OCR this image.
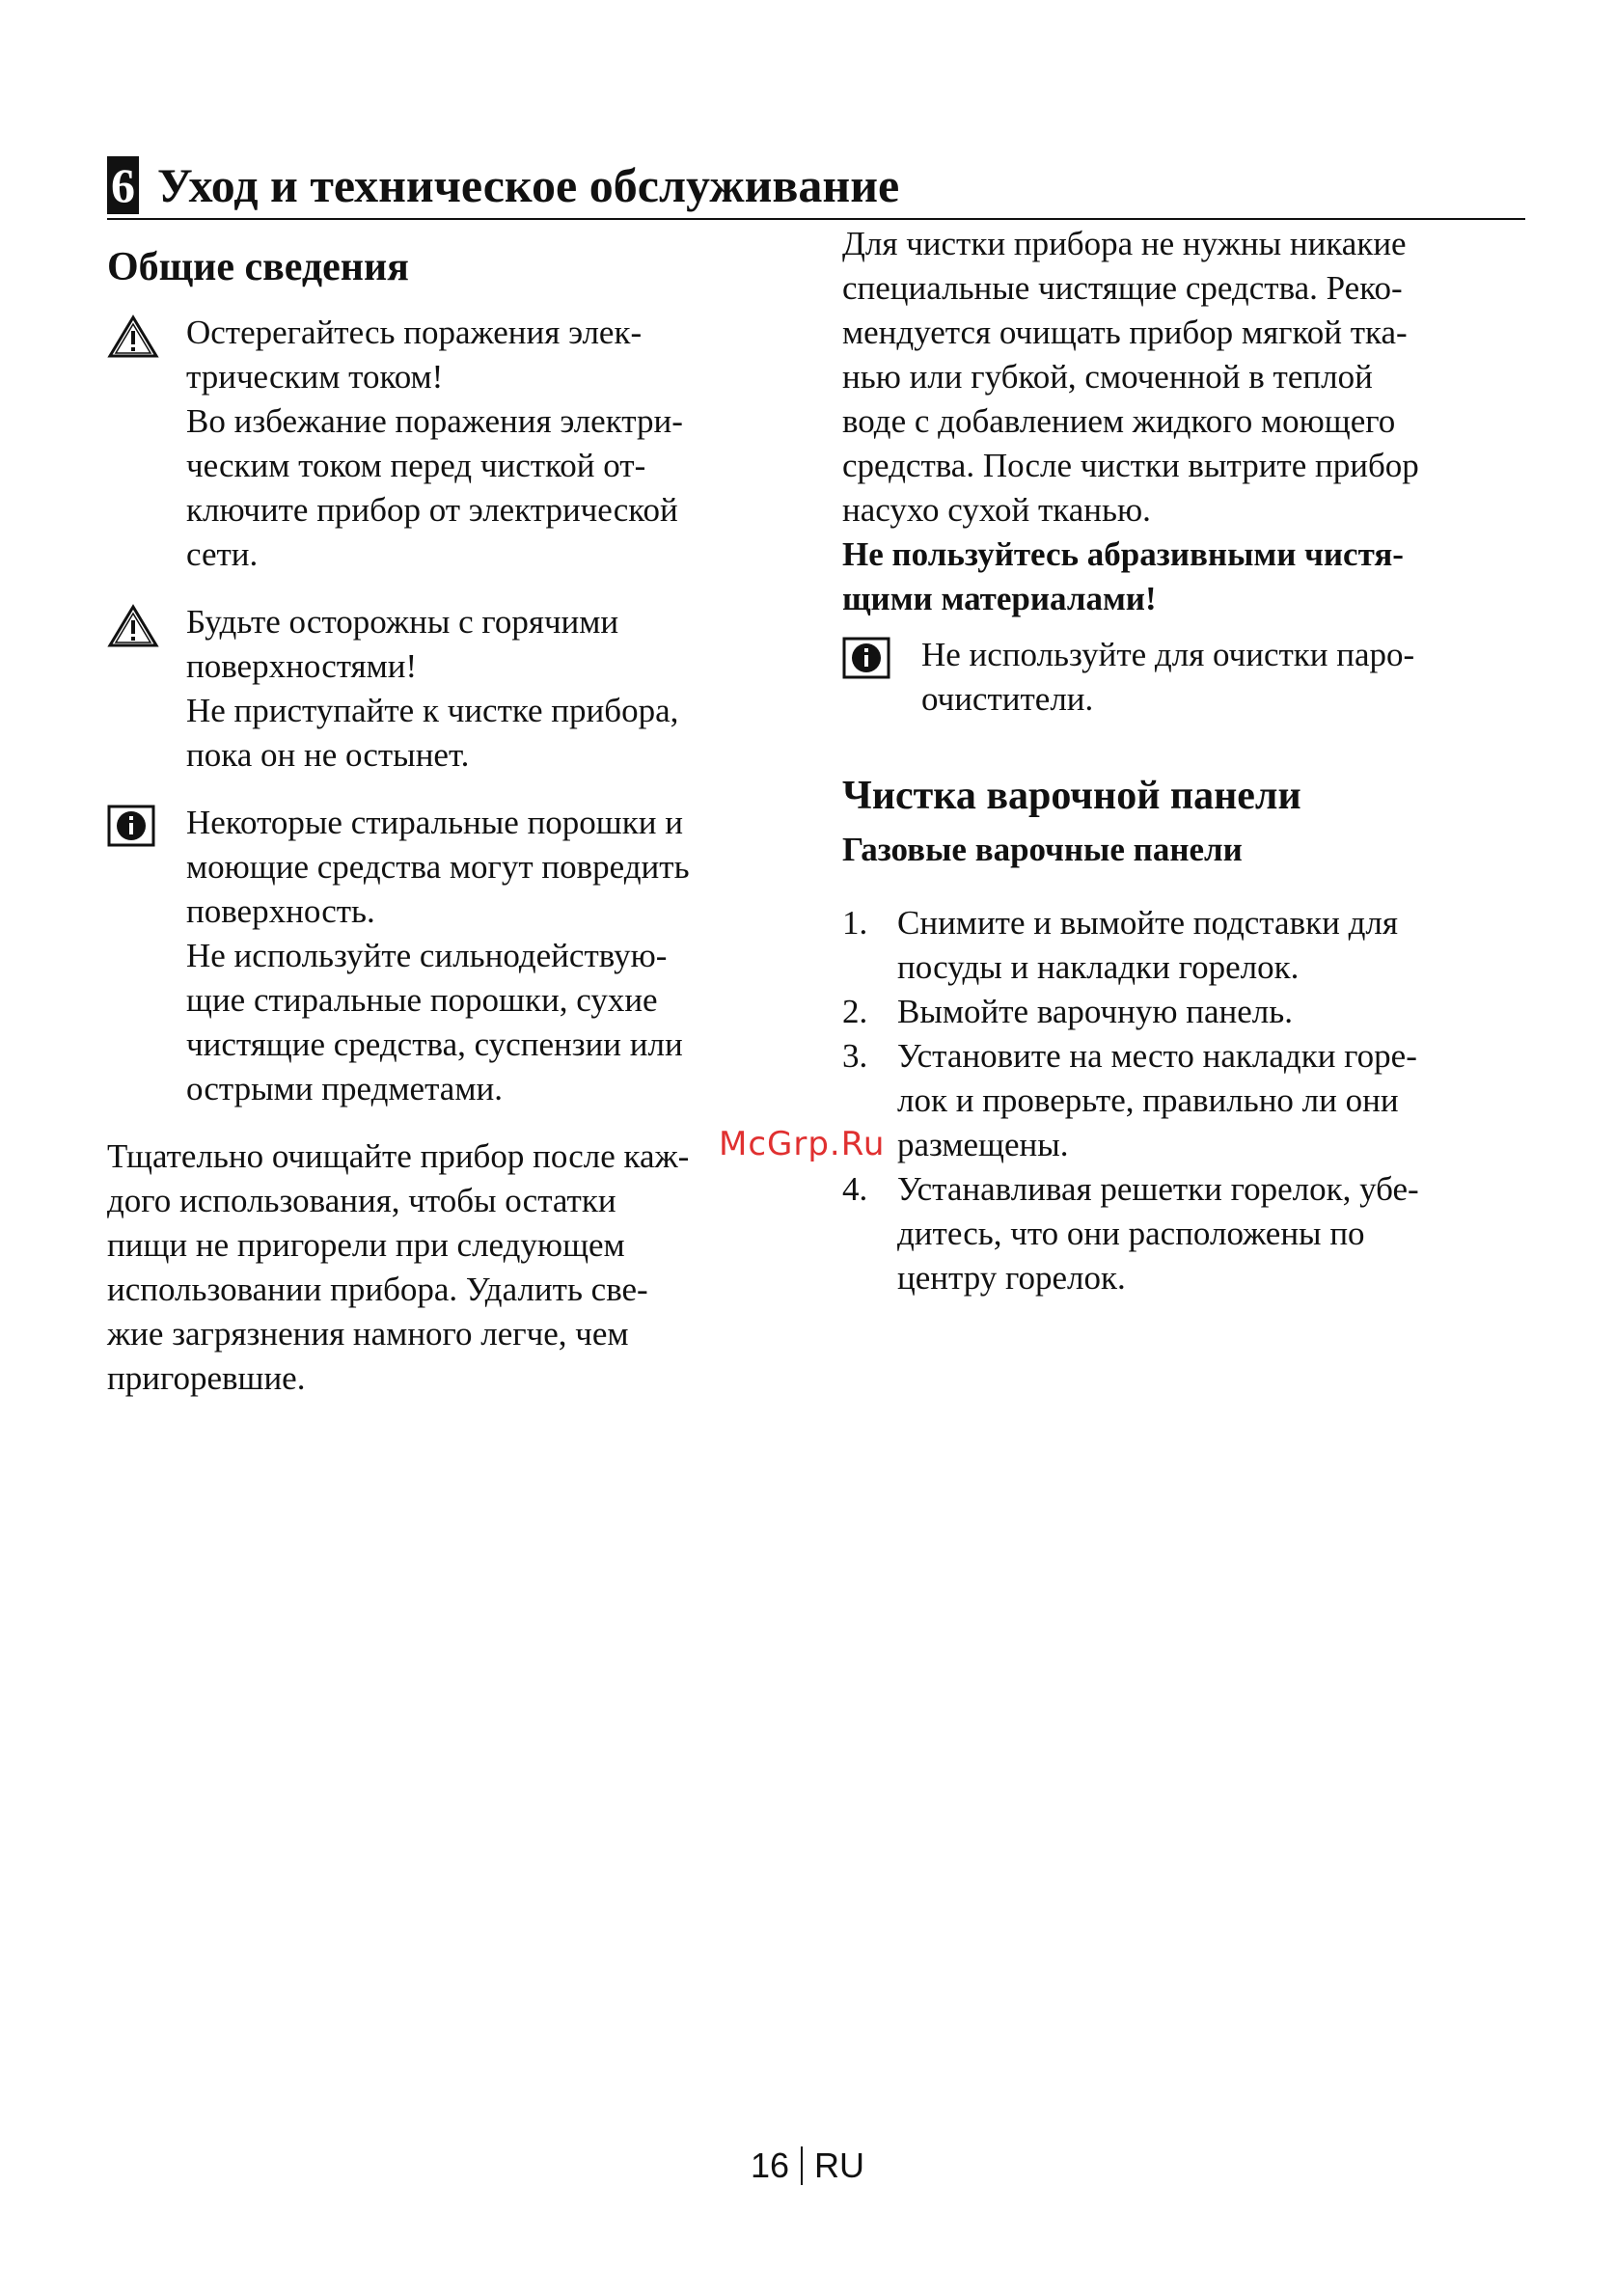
6 Уход и техническое обслуживание
Общие сведения
Остерегайтесь поражения элек-
трическим током!
Во избежание поражения электри-
ческим током перед чисткой от-
ключите прибор от электрической
сети.
Будьте осторожны с горячими
поверхностями!
Не приступайте к чистке прибора,
пока он не остынет.
Некоторые стиральные порошки и
моющие средства могут повредить
поверхность.
Не используйте сильнодействую-
щие стиральные порошки, сухие
чистящие средства, суспензии или
острыми предметами.
Тщательно очищайте прибор после каж-
дого использования, чтобы остатки
пищи не пригорели при следующем
использовании прибора. Удалить све-
жие загрязнения намного легче, чем
пригоревшие.
Для чистки прибора не нужны никакие
специальные чистящие средства. Реко-
мендуется очищать прибор мягкой тка-
нью или губкой, смоченной в теплой
воде с добавлением жидкого моющего
средства. После чистки вытрите прибор
насухо сухой тканью.
Не пользуйтесь абразивными чистя-
щими материалами!
Не используйте для очистки паро-
очистители.
Чистка варочной панели
Газовые варочные панели
1. Снимите и вымойте подставки для
посуды и накладки горелок.
2. Вымойте варочную панель.
3. Установите на место накладки горе-
лок и проверьте, правильно ли они
размещены.
4. Устанавливая решетки горелок, убе-
дитесь, что они расположены по
центру горелок.
McGrp.Ru
16 RU
